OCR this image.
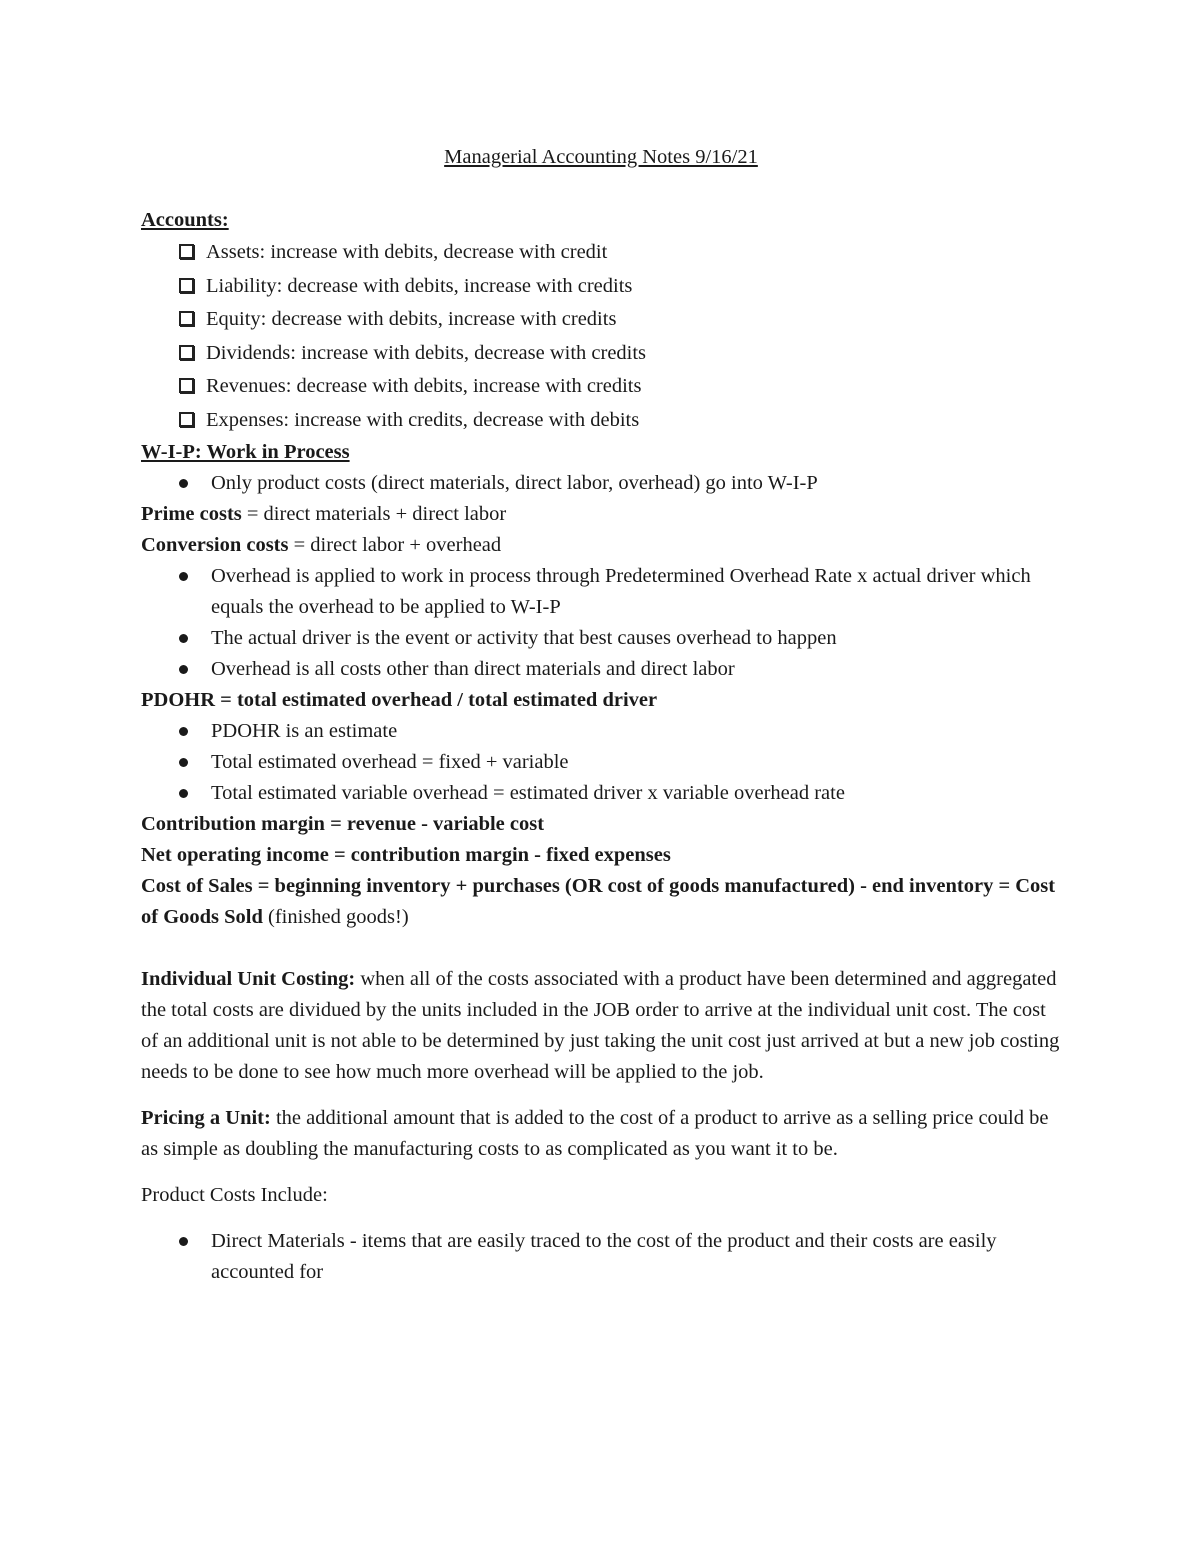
Managerial Accounting Notes 9/16/21

Accounts:

Assets: increase with debits, decrease with credit
Liability: decrease with debits, increase with credits
Equity: decrease with debits, increase with credits
Dividends: increase with debits, decrease with credits
Revenues: decrease with debits, increase with credits
Expenses: increase with credits, decrease with debits

W-I-P: Work in Process

Only product costs (direct materials, direct labor, overhead) go into W-I-P

Prime costs = direct materials + direct labor

Conversion costs = direct labor + overhead

Overhead is applied to work in process through Predetermined Overhead Rate x actual driver which equals the overhead to be applied to W-I-P
The actual driver is the event or activity that best causes overhead to happen
Overhead is all costs other than direct materials and direct labor

PDOHR = total estimated overhead / total estimated driver

PDOHR is an estimate
Total estimated overhead = fixed + variable
Total estimated variable overhead = estimated driver x variable overhead rate

Contribution margin = revenue - variable cost

Net operating income = contribution margin - fixed expenses

Cost of Sales = beginning inventory + purchases (OR cost of goods manufactured) - end inventory = Cost of Goods Sold (finished goods!)

Individual Unit Costing: when all of the costs associated with a product have been determined and aggregated the total costs are dividued by the units included in the JOB order to arrive at the individual unit cost. The cost of an additional unit is not able to be determined by just taking the unit cost just arrived at but a new job costing needs to be done to see how much more overhead will be applied to the job.

Pricing a Unit: the additional amount that is added to the cost of a product to arrive as a selling price could be as simple as doubling the manufacturing costs to as complicated as you want it to be.

Product Costs Include:

Direct Materials - items that are easily traced to the cost of the product and their costs are easily accounted for
